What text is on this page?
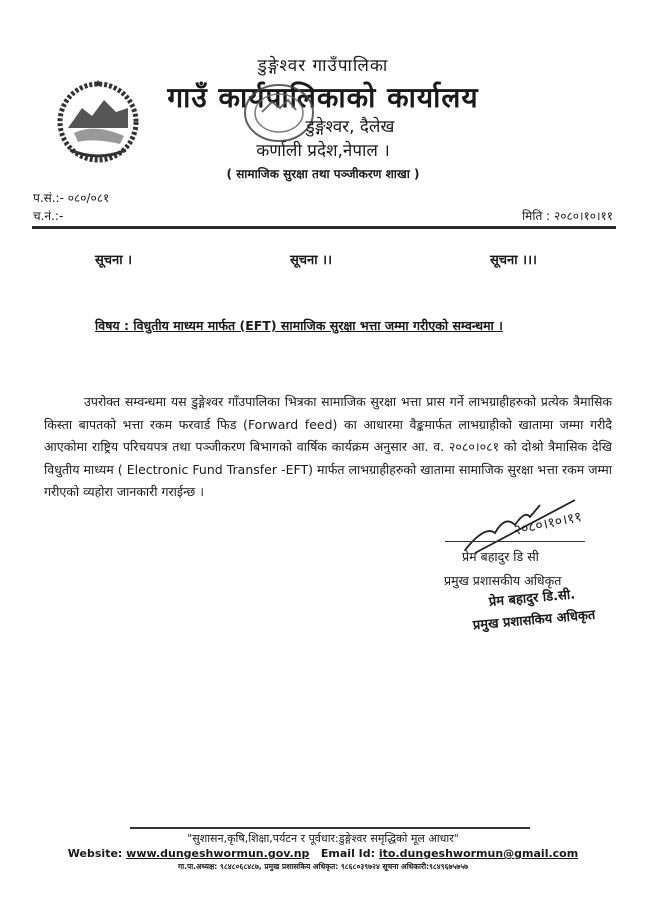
डुङ्गेश्वर गाउँपालिका
गाउँ कार्यपालिकाको कार्यालय
डुङ्गेश्वर, दैलेख
कर्णाली प्रदेश,नेपाल ।
( सामाजिक सुरक्षा तथा पञ्जीकरण शाखा )
प.सं.:- ०८०/०८१
च.नं.:-	मिति : २०८०।१०।११
सूचना ।	सूचना ।।	सूचना ।।।
विषय : विधुतीय माध्यम मार्फत (EFT) सामाजिक सुरक्षा भत्ता जम्मा गरीएको सम्वन्धमा ।
उपरोक्त सम्वन्धमा यस डुङ्गेश्वर गाँउपालिका भित्रका सामाजिक सुरक्षा भत्ता प्रास गर्ने लाभग्राहीहरुको प्रत्येक त्रैमासिक किस्ता बापतको भत्ता रकम फरवार्ड फिड (Forward feed) का आधारमा वैङ्कमार्फत लाभग्राहीको खातामा जम्मा गरीदै आएकोमा राष्ट्रिय परिचयपत्र तथा पञ्जीकरण बिभागको वार्षिक कार्यक्रम अनुसार आ. व. २०८०।०८१ को दोश्रो त्रैमासिक देखि विधुतीय माध्यम ( Electronic Fund Transfer -EFT) मार्फत लाभग्राहीहरुको खातामा सामाजिक सुरक्षा भत्ता रकम जम्मा गरीएको व्यहोरा जानकारी गराईन्छ ।
२०८०।१०।११
प्रेम बहादुर डि सी
प्रमुख प्रशासकीय अधिकृत
प्रेम बहादुर डि.सी.
प्रमुख प्रशासकिय अधिकृत
"सुशासन,कृषि,शिक्षा,पर्यटन र पूर्वधार:डुङ्गेश्वर समृद्धिको मूल आधार"
Website: www.dungeshwormun.gov.np Email Id: ito.dungeshwormun@gmail.com
गा.पा.अध्यक्ष: ९८४८०६८४८७, प्रमुख प्रशासकिय अधिकृत: ९८६८०३९७२४ सूचना अधिकारी:९८४९६७५७५७
